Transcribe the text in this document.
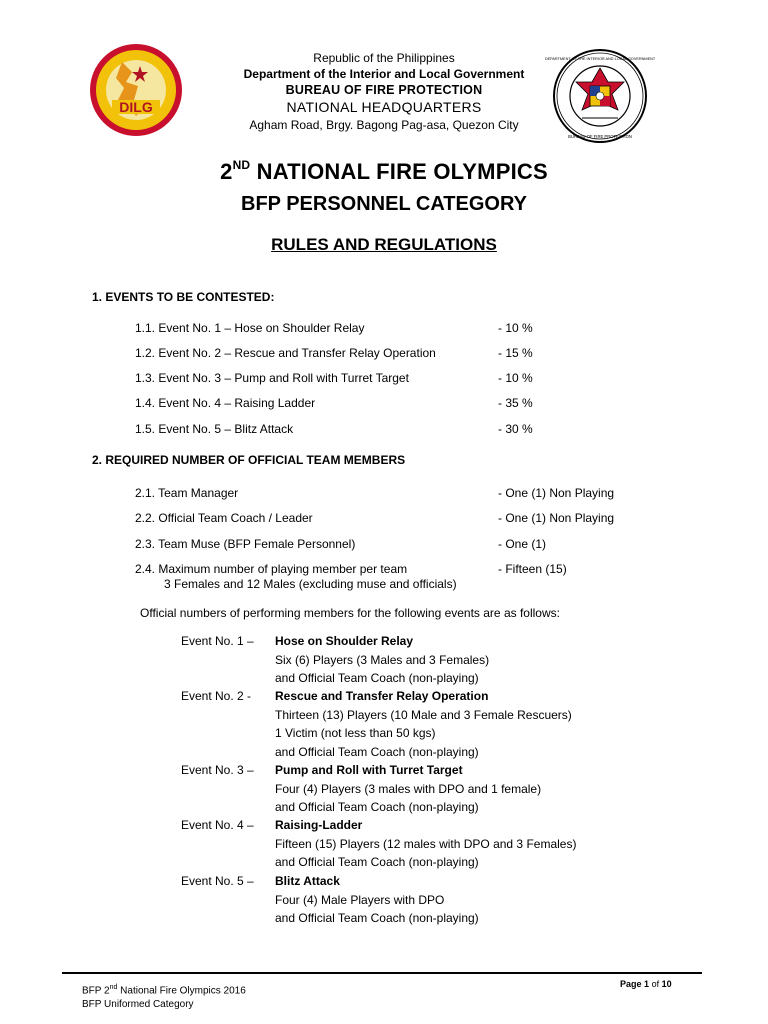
DILG
Republic of the Philippines
Department of the Interior and Local Government
BUREAU OF FIRE PROTECTION
NATIONAL HEADQUARTERS
Agham Road, Brgy. Bagong Pag-asa, Quezon City
DEPARTMENT OF THE INTERIOR AND LOCAL GOVERNMENT
BUREAU OF FIRE PROTECTION
2ND NATIONAL FIRE OLYMPICS
BFP PERSONNEL CATEGORY
RULES AND REGULATIONS
1. EVENTS TO BE CONTESTED:
1.1. Event No. 1 – Hose on Shoulder Relay	- 10 %
1.2. Event No. 2 – Rescue and Transfer Relay Operation	- 15 %
1.3. Event No. 3 – Pump and Roll with Turret Target	- 10 %
1.4. Event No. 4 – Raising Ladder	- 35 %
1.5. Event No. 5 – Blitz Attack	- 30 %
2. REQUIRED NUMBER OF OFFICIAL TEAM MEMBERS
2.1. Team Manager	- One (1) Non Playing
2.2. Official Team Coach / Leader	- One (1) Non Playing
2.3. Team Muse (BFP Female Personnel)	- One (1)
2.4. Maximum number of playing member per team	- Fifteen (15)
3 Females and 12 Males (excluding muse and officials)
Official numbers of performing members for the following events are as follows:
Event No. 1 –	Hose on Shoulder Relay
Six (6) Players (3 Males and 3 Females)
and Official Team Coach (non-playing)
Event No. 2 -	Rescue and Transfer Relay Operation
Thirteen (13) Players (10 Male and 3 Female Rescuers)
1 Victim (not less than 50 kgs)
and Official Team Coach (non-playing)
Event No. 3 –	Pump and Roll with Turret Target
Four (4) Players (3 males with DPO and 1 female)
and Official Team Coach (non-playing)
Event No. 4 –	Raising-Ladder
Fifteen (15) Players (12 males with DPO and 3 Females)
and Official Team Coach (non-playing)
Event No. 5 –	Blitz Attack
Four (4) Male Players with DPO
and Official Team Coach (non-playing)
BFP 2nd National Fire Olympics 2016
BFP Uniformed Category
Page 1 of 10
